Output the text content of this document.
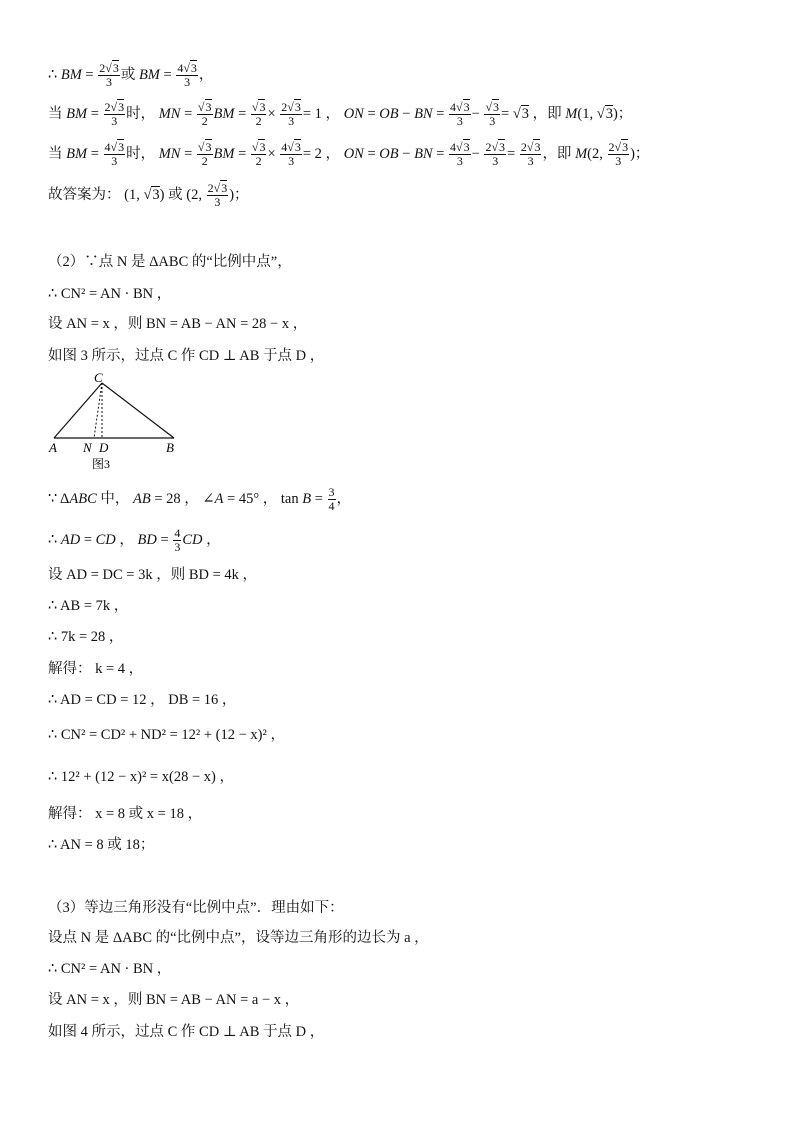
∴ BM = $\frac{2√3}{3}$ 或 BM = $\frac{4√3}{3}$ ，
当 BM = $\frac{2√3}{3}$ 时， MN = $\frac{√3}{2}$ BM = $\frac{√3}{2} \times \frac{2√3}{3} = 1$ ， ON = OB − BN = $\frac{4√3}{3} - \frac{√3}{3} = √3$ ，即 M(1, √3)；
当 BM = $\frac{4√3}{3}$ 时， MN = $\frac{√3}{2}$ BM = $\frac{√3}{2} \times \frac{4√3}{3} = 2$ ， ON = OB − BN = $\frac{4√3}{3} - \frac{2√3}{3} = \frac{2√3}{3}$ ，即 M(2, $\frac{2√3}{3}$ )；
故答案为： (1, √3) 或 (2, $\frac{2√3}{3}$ )；
（2）∵点 N 是 ΔABC 的“比例中点”，
∴ CN² = AN · BN ，
设 AN = x ，则 BN = AB − AN = 28 − x ，
如图 3 所示，过点 C 作 CD ⊥ AB 于点 D ，
C
A N D	B
图3
∵ ΔABC 中， AB = 28 ， ∠A = 45° ， $\tan B = \frac{3}{4}$ ，
∴ AD = CD ， BD = $\frac{4}{3}$ CD ，
设 AD = DC = 3k ，则 BD = 4k ，
∴ AB = 7k ，
∴ 7k = 28 ，
解得： k = 4 ，
∴ AD = CD = 12 ， DB = 16 ，
∴ CN² = CD² + ND² = 12² + (12 − x)² ，
∴ 12² + (12 − x)² = x(28 − x) ，
解得： x = 8 或 x = 18 ，
∴ AN = 8 或 18；
（3）等边三角形没有“比例中点”．理由如下：
设点 N 是 ΔABC 的“比例中点”，设等边三角形的边长为 a ，
∴ CN² = AN · BN ，
设 AN = x ，则 BN = AB − AN = a − x ，
如图 4 所示，过点 C 作 CD ⊥ AB 于点 D ，
